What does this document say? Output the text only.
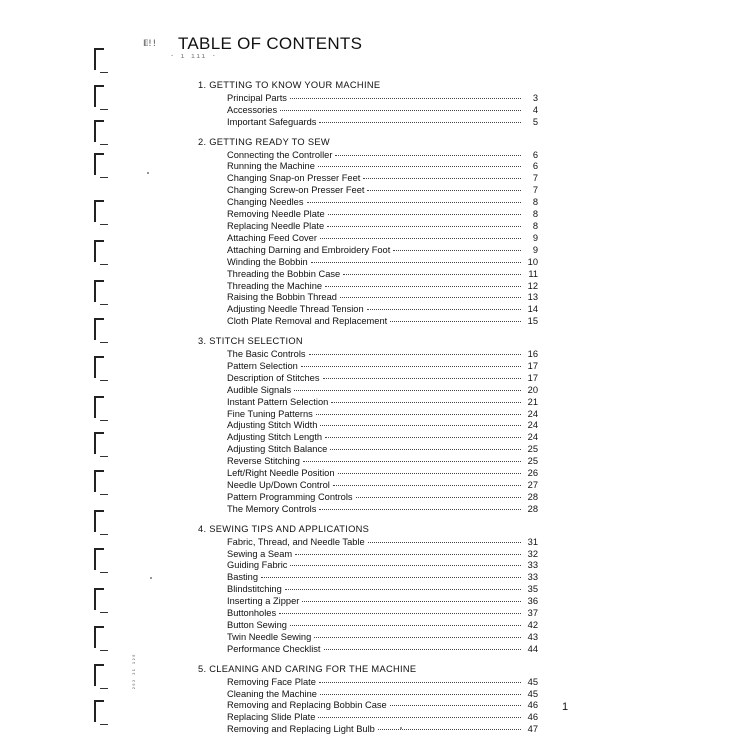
Ⅰ𝕀!!	TABLE OF CONTENTS
· ı ııı ·
1. GETTING TO KNOW YOUR MACHINE
Principal Parts	3
Accessories	4
Important Safeguards	5
2. GETTING READY TO SEW
Connecting the Controller	6
Running the Machine	6
Changing Snap-on Presser Feet	7
Changing Screw-on Presser Feet	7
Changing Needles	8
Removing Needle Plate	8
Replacing Needle Plate	8
Attaching Feed Cover	9
Attaching Darning and Embroidery Foot	9
Winding the Bobbin	10
Threading the Bobbin Case	11
Threading the Machine	12
Raising the Bobbin Thread	13
Adjusting Needle Thread Tension	14
Cloth Plate Removal and Replacement	15
3. STITCH SELECTION
The Basic Controls	16
Pattern Selection	17
Description of Stitches	17
Audible Signals	20
Instant Pattern Selection	21
Fine Tuning Patterns	24
Adjusting Stitch Width	24
Adjusting Stitch Length	24
Adjusting Stitch Balance	25
Reverse Stitching	25
Left/Right Needle Position	26
Needle Up/Down Control	27
Pattern Programming Controls	28
The Memory Controls	28
4. SEWING TIPS AND APPLICATIONS
Fabric, Thread, and Needle Table	31
Sewing a Seam	32
Guiding Fabric	33
Basting	33
Blindstitching	35
Inserting a Zipper	36
Buttonholes	37
Button Sewing	42
Twin Needle Sewing	43
Performance Checklist	44
5. CLEANING AND CARING FOR THE MACHINE
Removing Face Plate	45
Cleaning the Machine	45
Removing and Replacing Bobbin Case	46
Replacing Slide Plate	46
Removing and Replacing Light Bulb	47
₂₀₂ ₂₁ ₁₂₀
1
